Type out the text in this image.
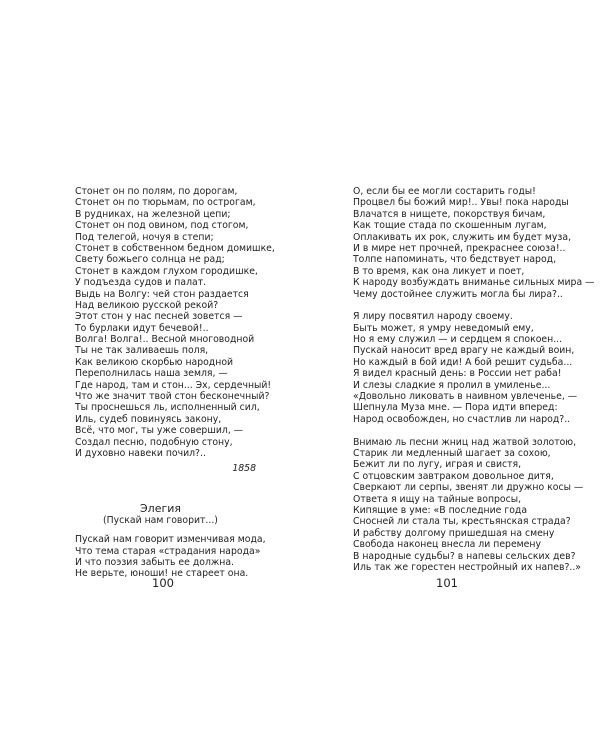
Стонет он по полям, по дорогам,
Стонет он по тюрьмам, по острогам,
В рудниках, на железной цепи;
Стонет он под овином, под стогом,
Под телегой, ночуя в степи;
Стонет в собственном бедном домишке,
Свету божьего солнца не рад;
Стонет в каждом глухом городишке,
У подъезда судов и палат.
Выдь на Волгу: чей стон раздается
Над великою русской рекой?
Этот стон у нас песней зовется —
То бурлаки идут бечевой!..
Волга! Волга!.. Весной многоводной
Ты не так заливаешь поля,
Как великою скорбью народной
Переполнилась наша земля, —
Где народ, там и стон... Эх, сердечный!
Что же значит твой стон бесконечный?
Ты проснешься ль, исполненный сил,
Иль, судеб повинуясь закону,
Всё, что мог, ты уже совершил, —
Создал песню, подобную стону,
И духовно навеки почил?..
1858
Элегия
(Пускай нам говорит...)
Пускай нам говорит изменчивая мода,
Что тема старая «страдания народа»
И что поэзия забыть ее должна.
Не верьте, юноши! не стареет она.
О, если бы ее могли состарить годы!
Процвел бы божий мир!.. Увы! пока народы
Влачатся в нищете, покорствуя бичам,
Как тощие стада по скошенным лугам,
Оплакивать их рок, служить им будет муза,
И в мире нет прочней, прекраснее союза!..
Толпе напоминать, что бедствует народ,
В то время, как она ликует и поет,
К народу возбуждать вниманье сильных мира —
Чему достойнее служить могла бы лира?..
Я лиру посвятил народу своему.
Быть может, я умру неведомый ему,
Но я ему служил — и сердцем я спокоен...
Пускай наносит вред врагу не каждый воин,
Но каждый в бой иди! А бой решит судьба...
Я видел красный день: в России нет раба!
И слезы сладкие я пролил в умиленье...
«Довольно ликовать в наивном увлеченье, —
Шепнула Муза мне. — Пора идти вперед:
Народ освобожден, но счастлив ли народ?..
Внимаю ль песни жниц над жатвой золотою,
Старик ли медленный шагает за сохою,
Бежит ли по лугу, играя и свистя,
С отцовским завтраком довольное дитя,
Сверкают ли серпы, звенят ли дружно косы —
Ответа я ищу на тайные вопросы,
Кипящие в уме: «В последние года
Сносней ли стала ты, крестьянская страда?
И рабству долгому пришедшая на смену
Свобода наконец внесла ли перемену
В народные судьбы? в напевы сельских дев?
Иль так же горестен нестройный их напев?..»
100	101
